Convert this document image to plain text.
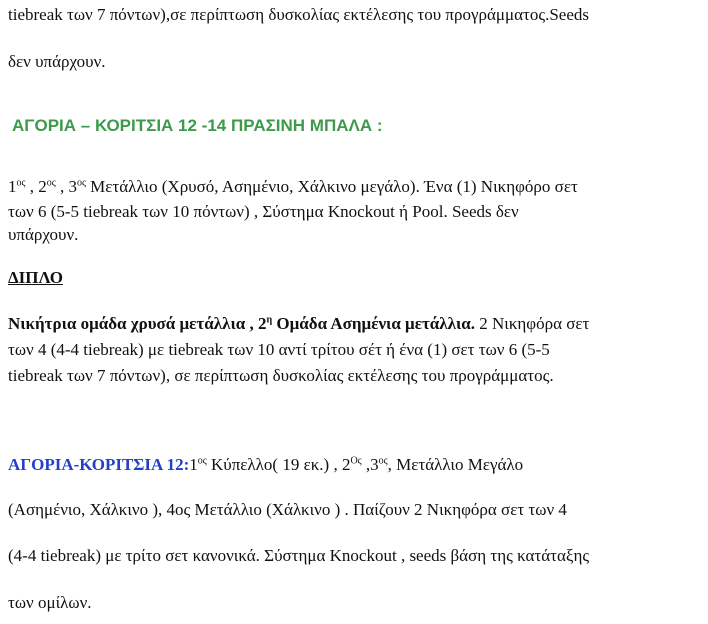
tiebreak των 7 πόντων),σε περίπτωση δυσκολίας εκτέλεσης του προγράμματος.Seeds
δεν υπάρχουν.
ΑΓΟΡΙΑ – ΚΟΡΙΤΣΙΑ 12 -14 ΠΡΑΣΙΝΗ ΜΠΑΛΑ :
$1^{o\varsigma}$ , $2^{o\varsigma}$ , $3^{o\varsigma}$ Μετάλλιο (Χρυσό, Ασημένιο, Χάλκινο μεγάλο). Ένα (1) Νικηφόρο σετ
των 6 (5-5 tiebreak των 10 πόντων) , Σύστημα Knockout ή Pool. Seeds δεν
υπάρχουν.
ΔΙΠΛΟ
Νικήτρια ομάδα χρυσά μετάλλια , $2^\eta$ Ομάδα Ασημένια μετάλλια. 2 Νικηφόρα σετ
των 4 (4-4 tiebreak) με tiebreak των 10 αντί τρίτου σέτ ή ένα (1) σετ των 6 (5-5
tiebreak των 7 πόντων), σε περίπτωση δυσκολίας εκτέλεσης του προγράμματος.
ΑΓΟΡΙΑ-ΚΟΡΙΤΣΙΑ $12:1^{o\varsigma}$ Κύπελλο( 19 εκ.) , $2^{O\varsigma}$ $,3^{o\varsigma}$, Μετάλλιο Μεγάλο
(Ασημένιο, Χάλκινο ), 4ος Μετάλλιο (Χάλκινο ) . Παίζουν 2 Νικηφόρα σετ των 4
(4-4 tiebreak) με τρίτο σετ κανονικά. Σύστημα Knockout , seeds βάση της κατάταξης
των ομίλων.
